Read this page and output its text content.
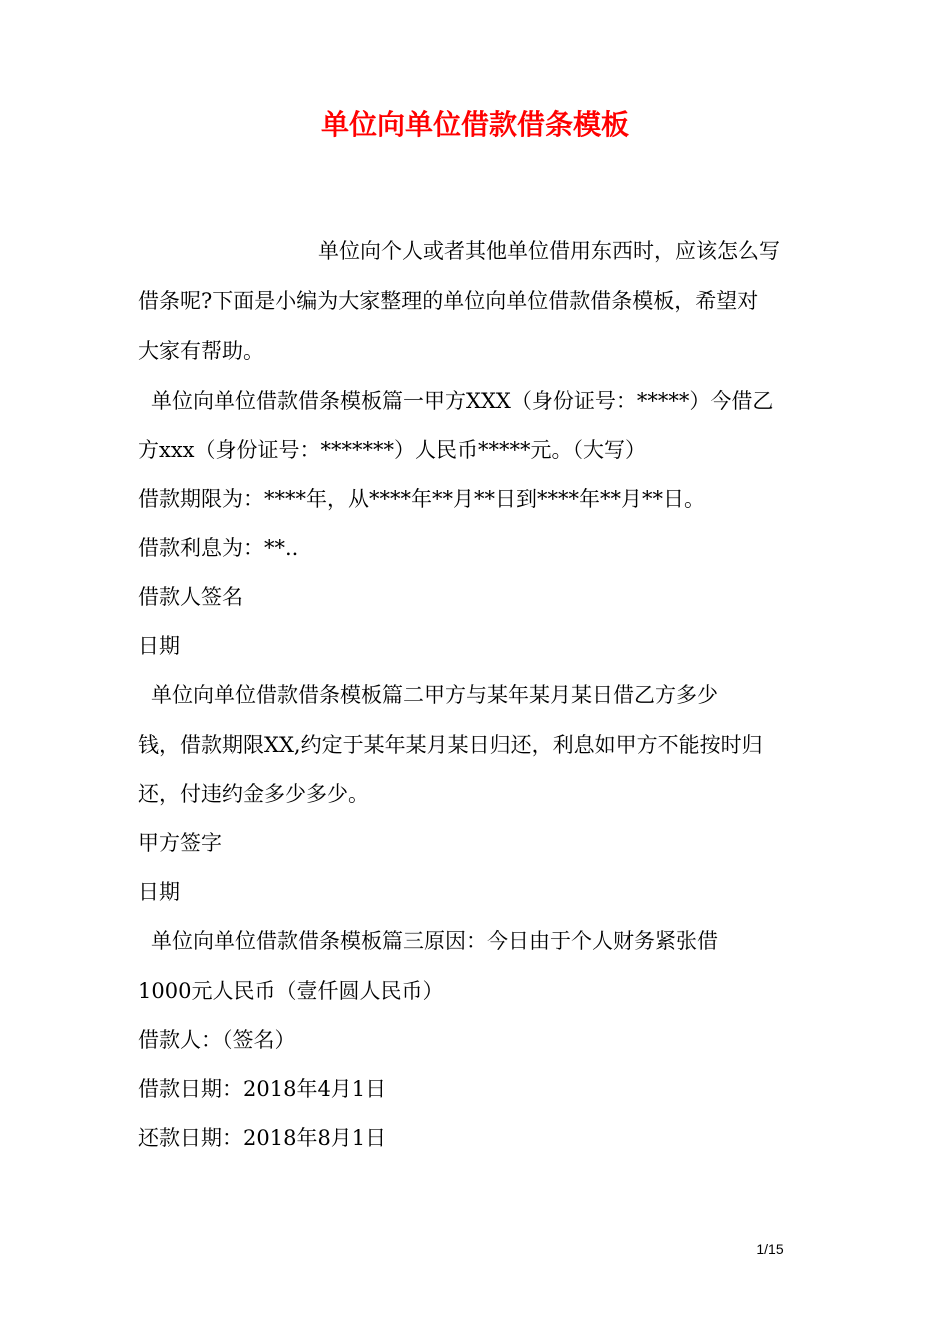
单位向单位借款借条模板

单位向个人或者其他单位借用东西时，应该怎么写

借条呢?下面是小编为大家整理的单位向单位借款借条模板，希望对

大家有帮助。

单位向单位借款借条模板篇一甲方XXX（身份证号：*****）今借乙

方xxx（身份证号：*******）人民币*****元。（大写）

借款期限为：****年，从****年**月**日到****年**月**日。

借款利息为：**..

借款人签名

日期

单位向单位借款借条模板篇二甲方与某年某月某日借乙方多少

钱，借款期限XX,约定于某年某月某日归还，利息如甲方不能按时归

还，付违约金多少多少。

甲方签字

日期

单位向单位借款借条模板篇三原因：今日由于个人财务紧张借

1000元人民币（壹仟圆人民币）

借款人：（签名）

借款日期：2018年4月1日

还款日期：2018年8月1日

1/15
